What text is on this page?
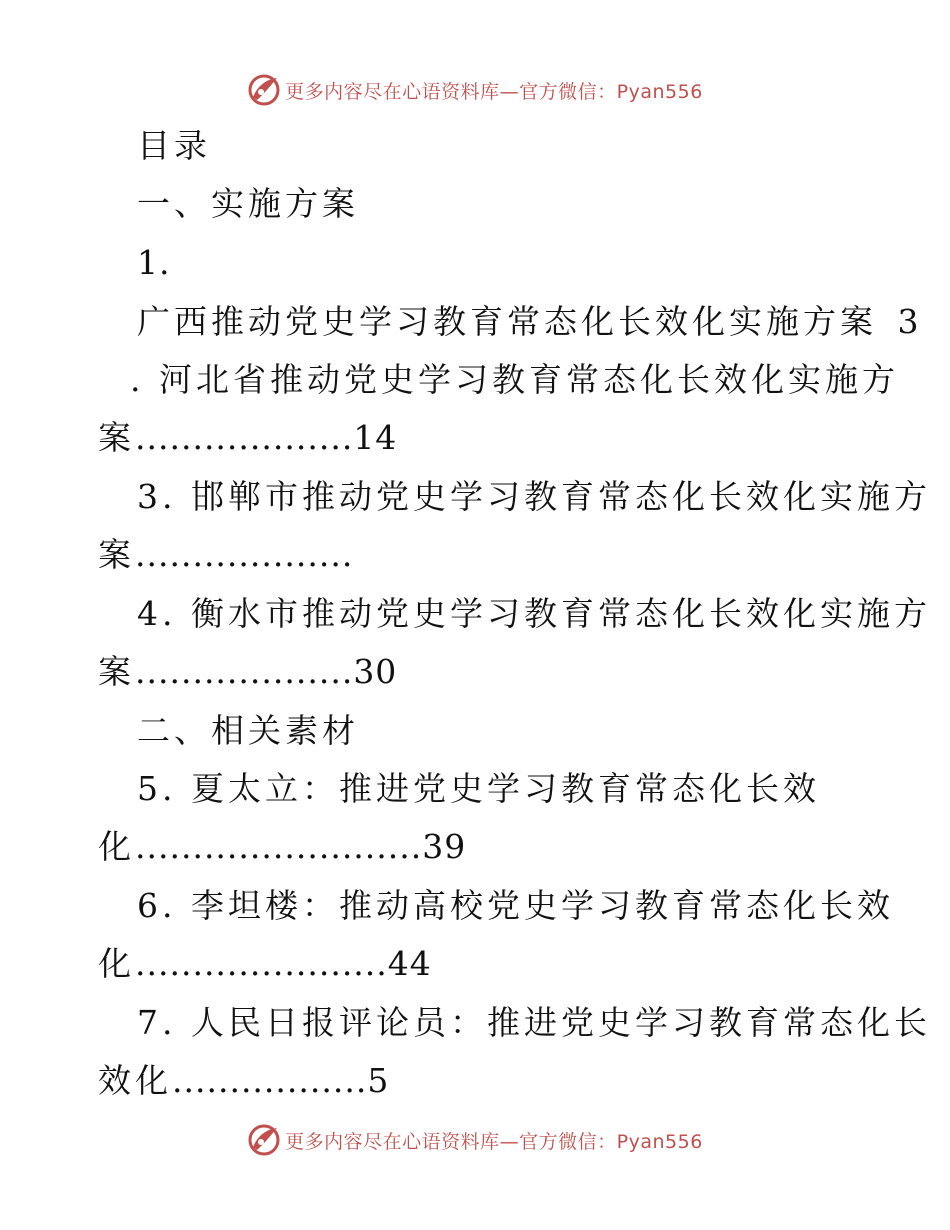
更多内容尽在心语资料库—官方微信：Pyan556
目录
一、实施方案
1.
广西推动党史学习教育常态化长效化实施方案 3
. 河北省推动党史学习教育常态化长效化实施方
案...................14
3. 邯郸市推动党史学习教育常态化长效化实施方
案...................
4. 衡水市推动党史学习教育常态化长效化实施方
案...................30
二、相关素材
5. 夏太立：推进党史学习教育常态化长效
化.........................39
6. 李坦楼：推动高校党史学习教育常态化长效
化......................44
7. 人民日报评论员：推进党史学习教育常态化长
效化.................5
更多内容尽在心语资料库—官方微信：Pyan556
